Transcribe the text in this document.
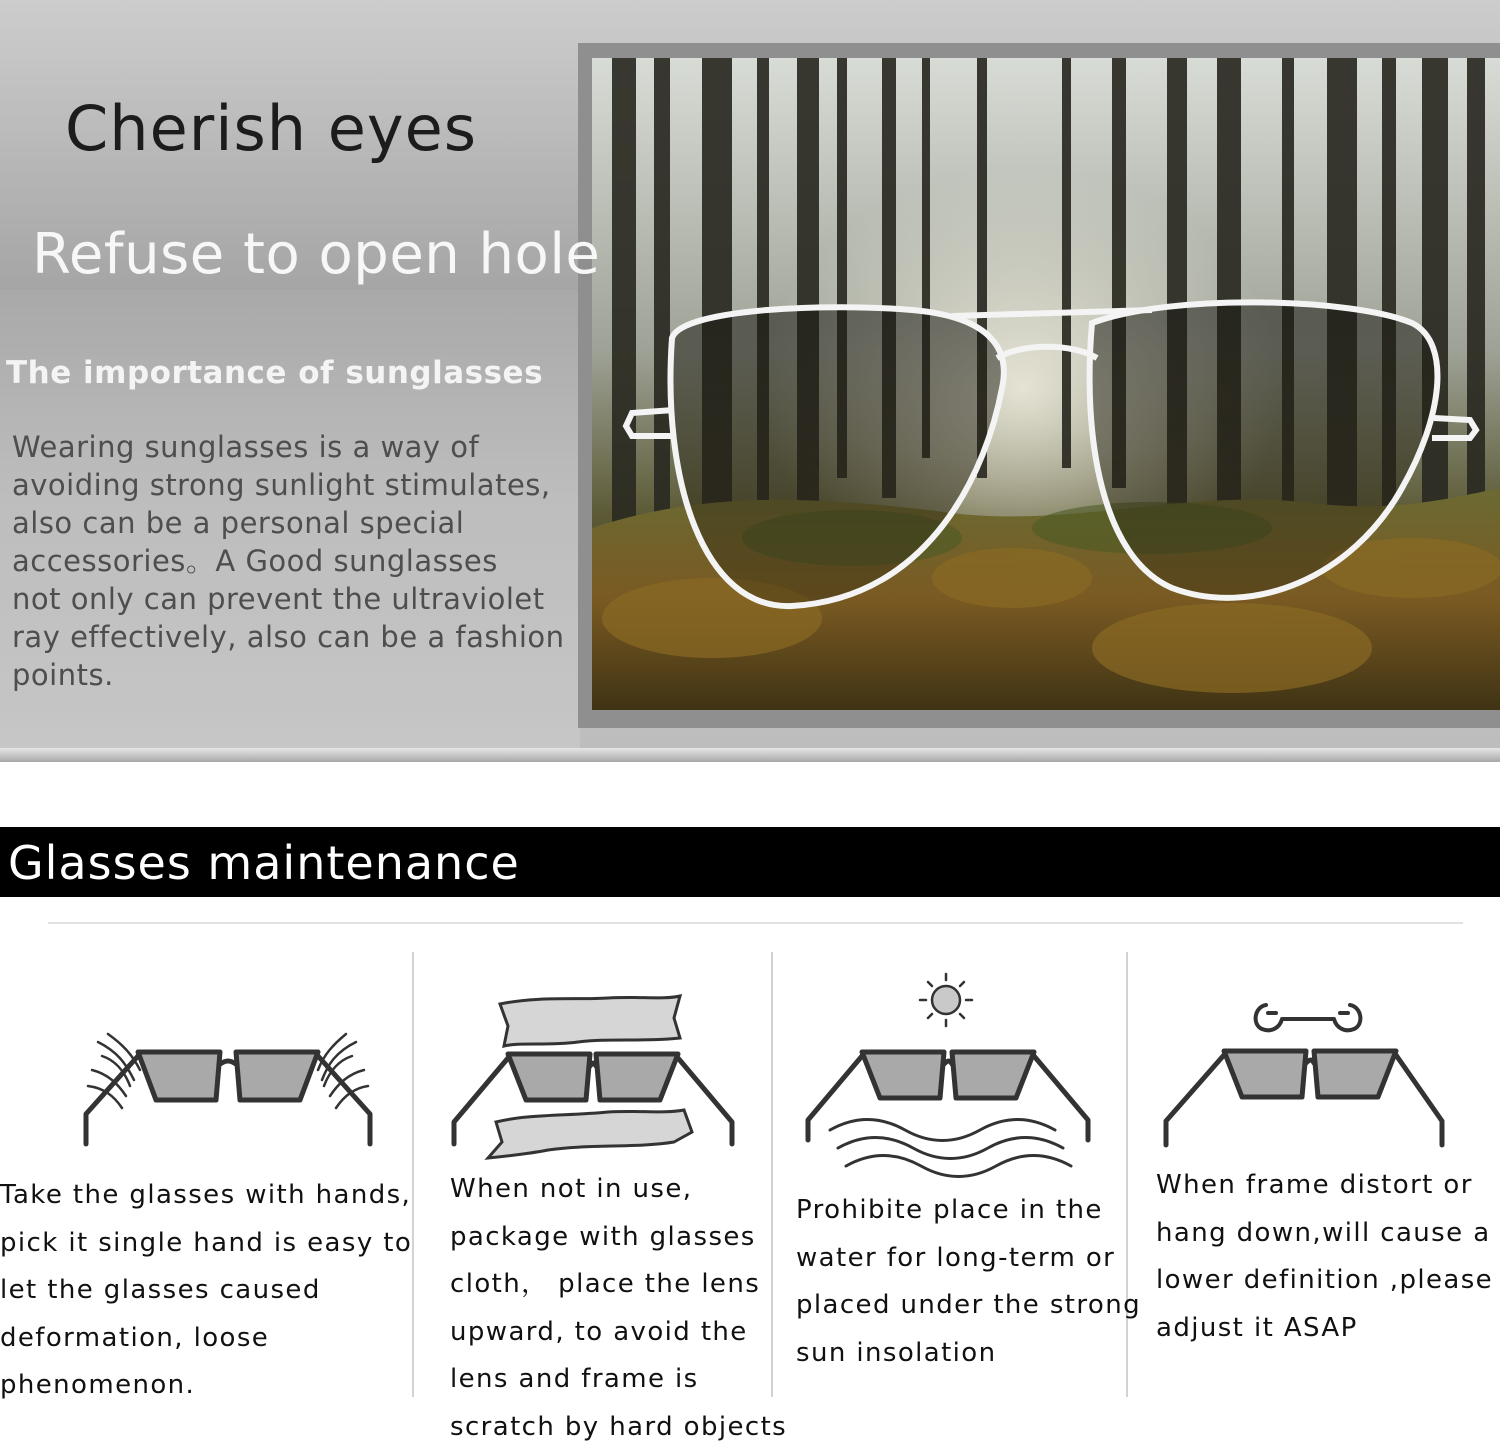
Cherish eyes
Refuse to open hole
The importance of sunglasses
Wearing sunglasses is a way of
avoiding strong sunlight stimulates,
also can be a personal special
accessories。A Good sunglasses
not only can prevent the ultraviolet
ray effectively, also can be a fashion
points.
Glasses maintenance
Take the glasses with hands,
pick it single hand is easy to
let the glasses caused
deformation, loose
phenomenon.
When not in use,
package with glasses
cloth， place the lens
upward, to avoid the
lens and frame is
scratch by hard objects
Prohibite place in the
water for long-term or
placed under the strong
sun insolation
When frame distort or
hang down,will cause a
lower definition ,please
adjust it ASAP
